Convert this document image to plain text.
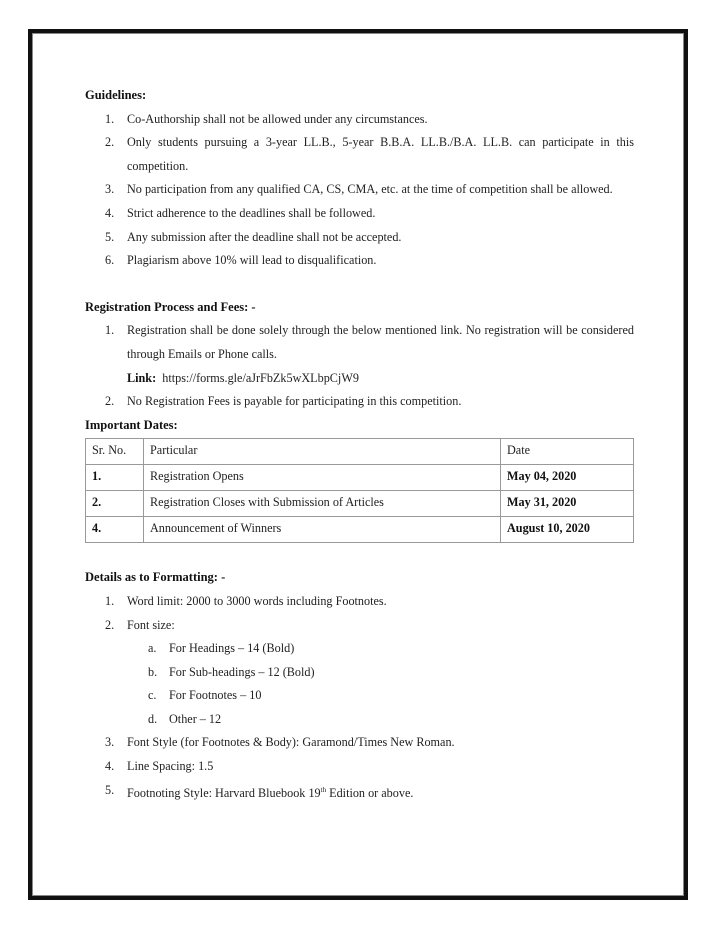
Guidelines:
1. Co-Authorship shall not be allowed under any circumstances.
2. Only students pursuing a 3-year LL.B., 5-year B.B.A. LL.B./B.A. LL.B. can participate in this competition.
3. No participation from any qualified CA, CS, CMA, etc. at the time of competition shall be allowed.
4. Strict adherence to the deadlines shall be followed.
5. Any submission after the deadline shall not be accepted.
6. Plagiarism above 10% will lead to disqualification.
Registration Process and Fees: -
1. Registration shall be done solely through the below mentioned link. No registration will be considered through Emails or Phone calls.
Link: https://forms.gle/aJrFbZk5wXLbpCjW9
2. No Registration Fees is payable for participating in this competition.
Important Dates:
Sr. No.	Particular	Date
1.	Registration Opens	May 04, 2020
2.	Registration Closes with Submission of Articles	May 31, 2020
4.	Announcement of Winners	August 10, 2020
Details as to Formatting: -
1. Word limit: 2000 to 3000 words including Footnotes.
2. Font size:
a. For Headings – 14 (Bold)
b. For Sub-headings – 12 (Bold)
c. For Footnotes – 10
d. Other – 12
3. Font Style (for Footnotes & Body): Garamond/Times New Roman.
4. Line Spacing: 1.5
5. Footnoting Style: Harvard Bluebook 19th Edition or above.
